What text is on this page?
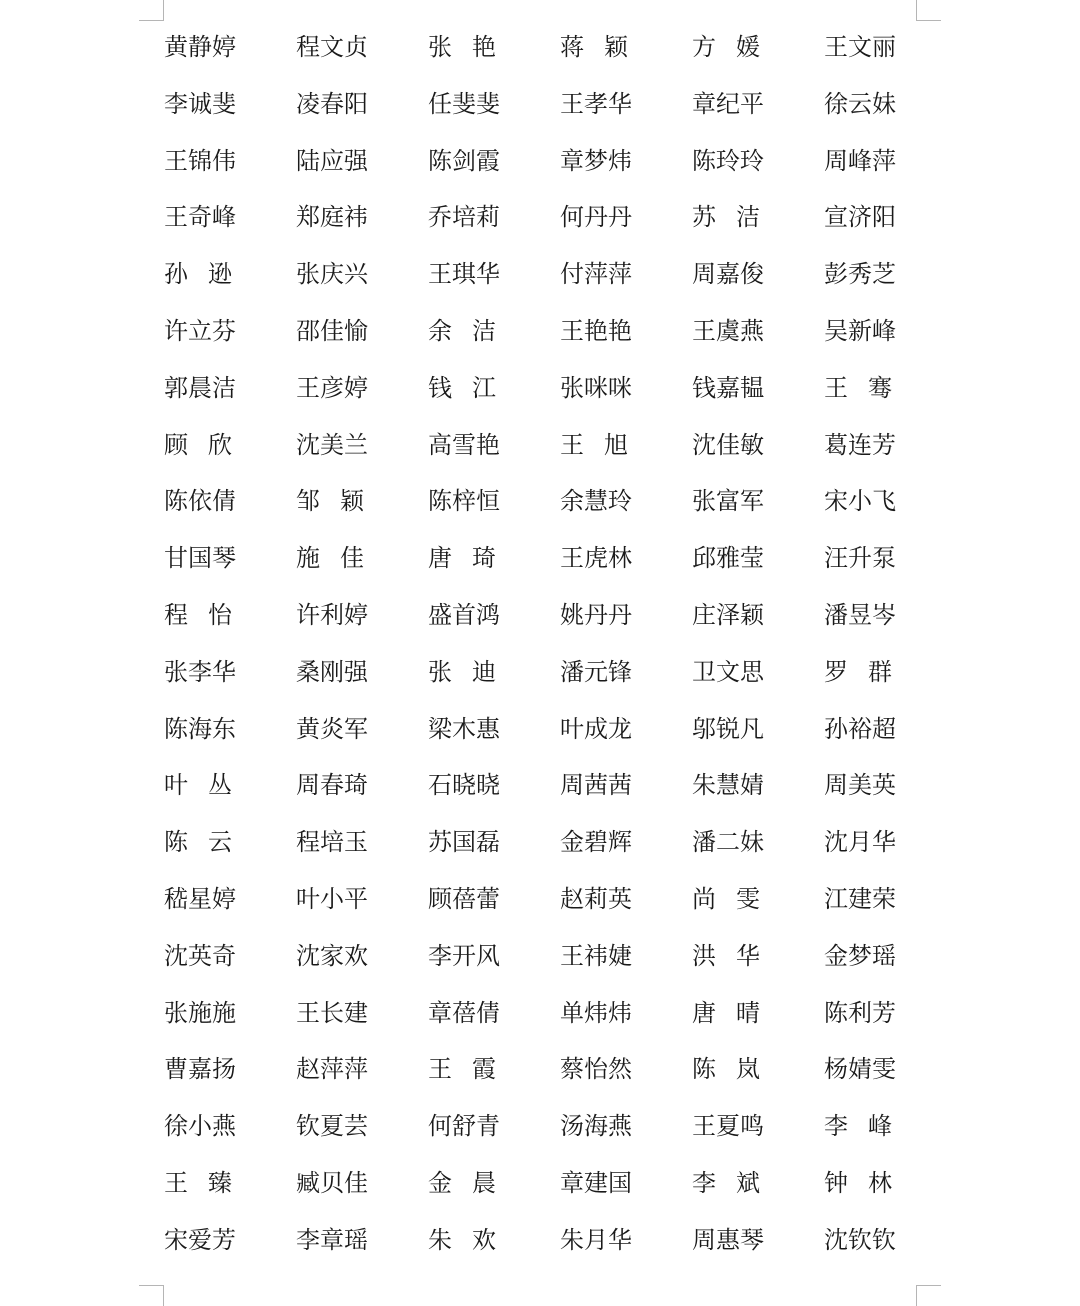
黄静婷	程文贞	张艳	蒋颖	方媛	王文丽
李诚斐	凌春阳	任斐斐	王孝华	章纪平	徐云妹
王锦伟	陆应强	陈剑霞	章梦炜	陈玲玲	周峰萍
王奇峰	郑庭祎	乔培莉	何丹丹	苏洁	宣济阳
孙逊	张庆兴	王琪华	付萍萍	周嘉俊	彭秀芝
许立芬	邵佳愉	余洁	王艳艳	王虞燕	吴新峰
郭晨洁	王彦婷	钱江	张咪咪	钱嘉韫	王骞
顾欣	沈美兰	高雪艳	王旭	沈佳敏	葛连芳
陈依倩	邹颖	陈梓恒	余慧玲	张富军	宋小飞
甘国琴	施佳	唐琦	王虎林	邱雅莹	汪升泵
程怡	许利婷	盛首鸿	姚丹丹	庄泽颖	潘昱岑
张李华	桑刚强	张迪	潘元锋	卫文思	罗群
陈海东	黄炎军	梁木惠	叶成龙	邬锐凡	孙裕超
叶丛	周春琦	石晓晓	周茜茜	朱慧婧	周美英
陈云	程培玉	苏国磊	金碧辉	潘二妹	沈月华
嵇星婷	叶小平	顾蓓蕾	赵莉英	尚雯	江建荣
沈英奇	沈家欢	李开风	王祎婕	洪华	金梦瑶
张施施	王长建	章蓓倩	单炜炜	唐晴	陈利芳
曹嘉扬	赵萍萍	王霞	蔡怡然	陈岚	杨婧雯
徐小燕	钦夏芸	何舒青	汤海燕	王夏鸣	李峰
王臻	臧贝佳	金晨	章建国	李斌	钟林
宋爱芳	李章瑶	朱欢	朱月华	周惠琴	沈钦钦
